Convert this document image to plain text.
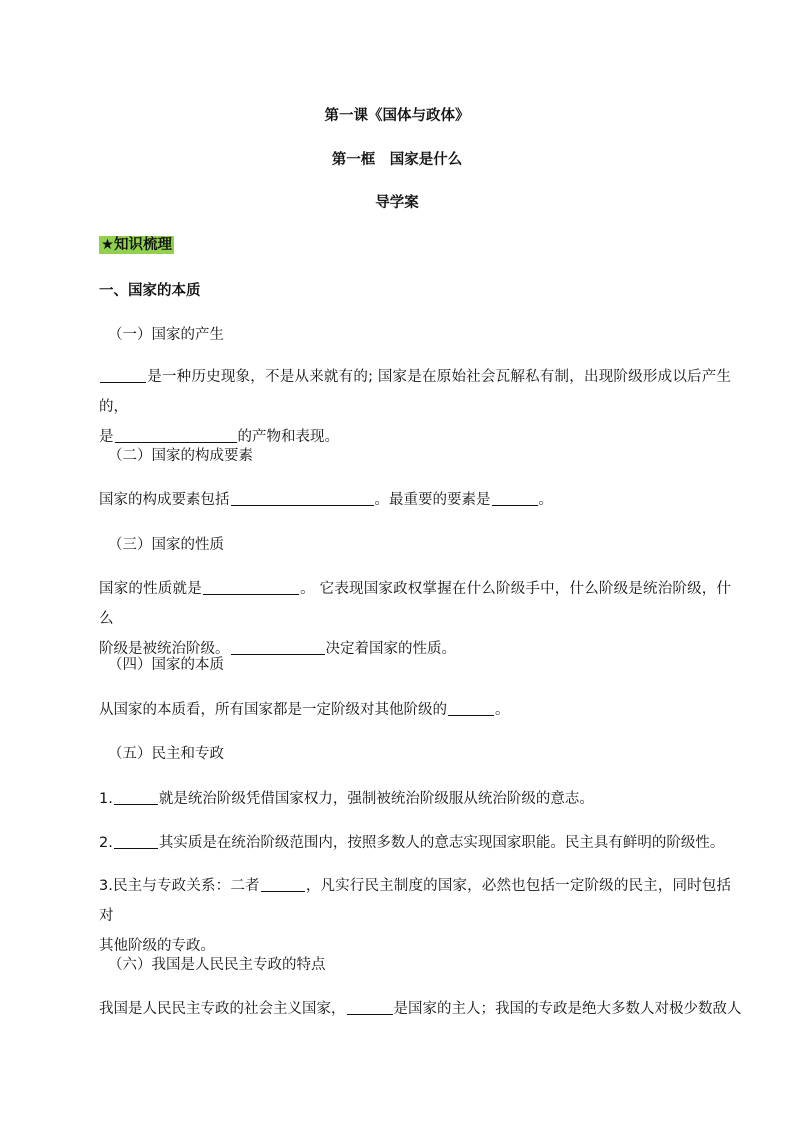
第一课《国体与政体》
第一框　国家是什么
导学案
★知识梳理
一、国家的本质
（一）国家的产生
是一种历史现象，不是从来就有的; 国家是在原始社会瓦解私有制，出现阶级形成以后产生的，
是	的产物和表现。
（二）国家的构成要素
国家的构成要素包括	。最重要的要素是	。
（三）国家的性质
国家的性质就是	。 它表现国家政权掌握在什么阶级手中，什么阶级是统治阶级，什么
阶级是被统治阶级。	决定着国家的性质。
（四）国家的本质
从国家的本质看，所有国家都是一定阶级对其他阶级的	。
（五）民主和专政
1.	就是统治阶级凭借国家权力，强制被统治阶级服从统治阶级的意志。
2.	其实质是在统治阶级范围内，按照多数人的意志实现国家职能。民主具有鲜明的阶级性。
3.民主与专政关系：二者	，凡实行民主制度的国家，必然也包括一定阶级的民主，同时包括对
其他阶级的专政。
（六）我国是人民民主专政的特点
我国是人民民主专政的社会主义国家，	是国家的主人；我国的专政是绝大多数人对极少数敌人
